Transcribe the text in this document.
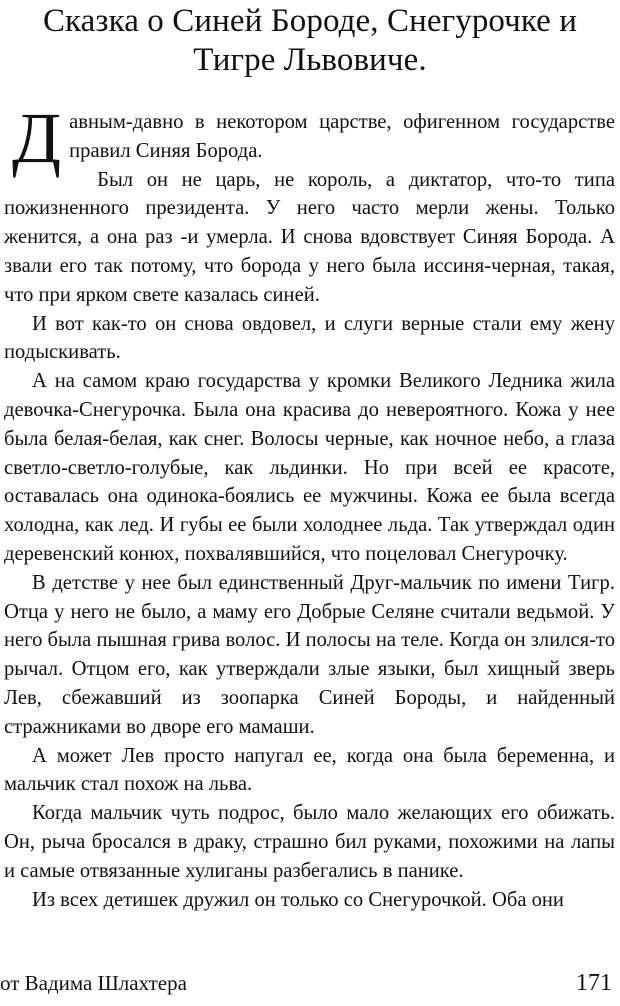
Сказка о Синей Бороде, Снегурочке и
Тигре Львовиче.

Давным-давно в некотором царстве, офигенном государстве правил Синяя Борода.

Был он не царь, не король, а диктатор, что-то типа пожизненного президента. У него часто мерли жены. Только женится, а она раз -и умерла. И снова вдовствует Синяя Борода. А звали его так потому, что борода у него была иссиня-черная, такая, что при ярком свете казалась синей.

И вот как-то он снова овдовел, и слуги верные стали ему жену подыскивать.

А на самом краю государства у кромки Великого Ледника жила девочка-Снегурочка. Была она красива до невероятного. Кожа у нее была белая-белая, как снег. Волосы черные, как ночное небо, а глаза светло-светло-голубые, как льдинки. Но при всей ее красоте, оставалась она одинока-боялись ее мужчины. Кожа ее была всегда холодна, как лед. И губы ее были холоднее льда. Так утверждал один деревенский конюх, похвалявшийся, что поцеловал Снегурочку.

В детстве у нее был единственный Друг-мальчик по имени Тигр. Отца у него не было, а маму его Добрые Селяне считали ведьмой. У него была пышная грива волос. И полосы на теле. Когда он злился-то рычал. Отцом его, как утверждали злые языки, был хищный зверь Лев, сбежавший из зоопарка Синей Бороды, и найденный стражниками во дворе его мамаши.

А может Лев просто напугал ее, когда она была беременна, и мальчик стал похож на льва.

Когда мальчик чуть подрос, было мало желающих его обижать. Он, рыча бросался в драку, страшно бил руками, похожими на лапы и самые отвязанные хулиганы разбегались в панике.

Из всех детишек дружил он только со Снегурочкой. Оба они

от Вадима Шлахтера	171
